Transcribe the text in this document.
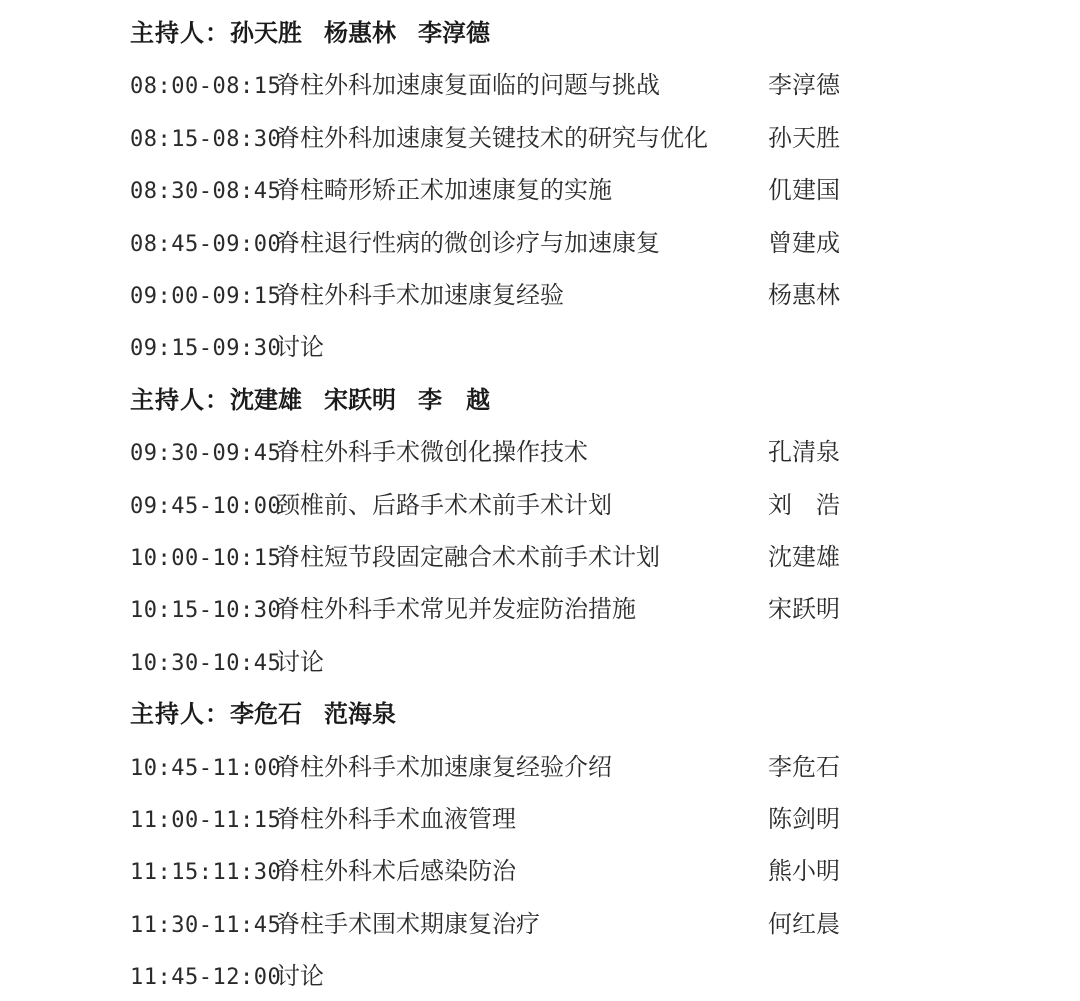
主持人：孙天胜 杨惠林 李淳德
08:00-08:15脊柱外科加速康复面临的问题与挑战	李淳德
08:15-08:30脊柱外科加速康复关键技术的研究与优化	孙天胜
08:30-08:45脊柱畸形矫正术加速康复的实施	仉建国
08:45-09:00脊柱退行性病的微创诊疗与加速康复	曾建成
09:00-09:15脊柱外科手术加速康复经验	杨惠林
09:15-09:30讨论
主持人：沈建雄 宋跃明 李　越
09:30-09:45脊柱外科手术微创化操作技术	孔清泉
09:45-10:00颈椎前、后路手术术前手术计划	刘　浩
10:00-10:15脊柱短节段固定融合术术前手术计划	沈建雄
10:15-10:30脊柱外科手术常见并发症防治措施	宋跃明
10:30-10:45讨论
主持人：李危石 范海泉
10:45-11:00脊柱外科手术加速康复经验介绍	李危石
11:00-11:15脊柱外科手术血液管理	陈剑明
11:15:11:30脊柱外科术后感染防治	熊小明
11:30-11:45脊柱手术围术期康复治疗	何红晨
11:45-12:00讨论
